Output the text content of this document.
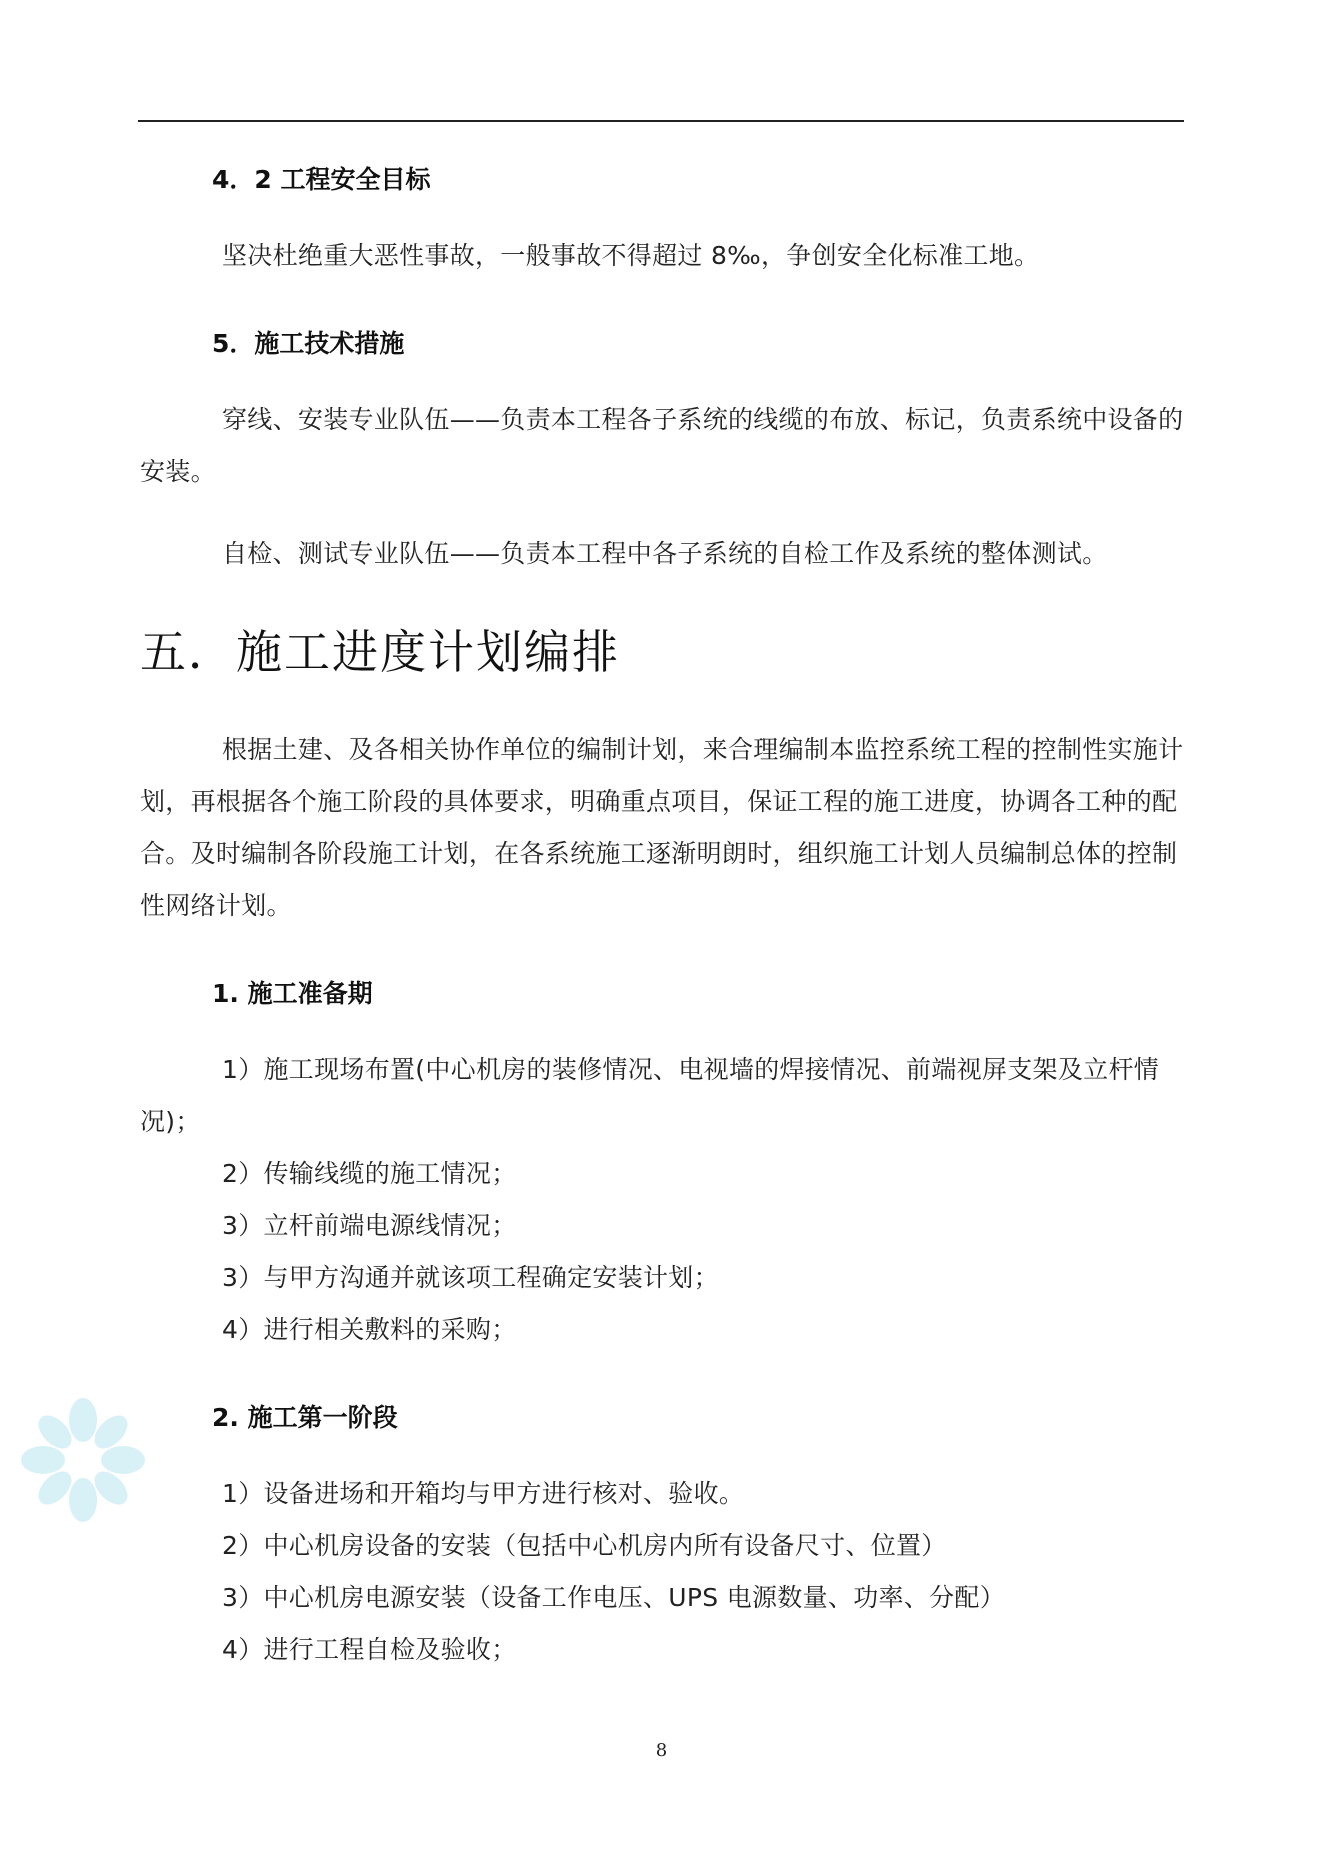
4．2 工程安全目标

坚决杜绝重大恶性事故，一般事故不得超过 8‰，争创安全化标准工地。

5．施工技术措施

穿线、安装专业队伍——负责本工程各子系统的线缆的布放、标记，负责系统中设备的安装。

自检、测试专业队伍——负责本工程中各子系统的自检工作及系统的整体测试。

五．施工进度计划编排

根据土建、及各相关协作单位的编制计划，来合理编制本监控系统工程的控制性实施计划，再根据各个施工阶段的具体要求，明确重点项目，保证工程的施工进度，协调各工种的配合。及时编制各阶段施工计划，在各系统施工逐渐明朗时，组织施工计划人员编制总体的控制性网络计划。

1. 施工准备期

1）施工现场布置(中心机房的装修情况、电视墙的焊接情况、前端视屏支架及立杆情况)；

2）传输线缆的施工情况；

3）立杆前端电源线情况；

3）与甲方沟通并就该项工程确定安装计划；

4）进行相关敷料的采购；

2. 施工第一阶段

1）设备进场和开箱均与甲方进行核对、验收。

2）中心机房设备的安装（包括中心机房内所有设备尺寸、位置）

3）中心机房电源安装（设备工作电压、UPS 电源数量、功率、分配）

4）进行工程自检及验收；

8
